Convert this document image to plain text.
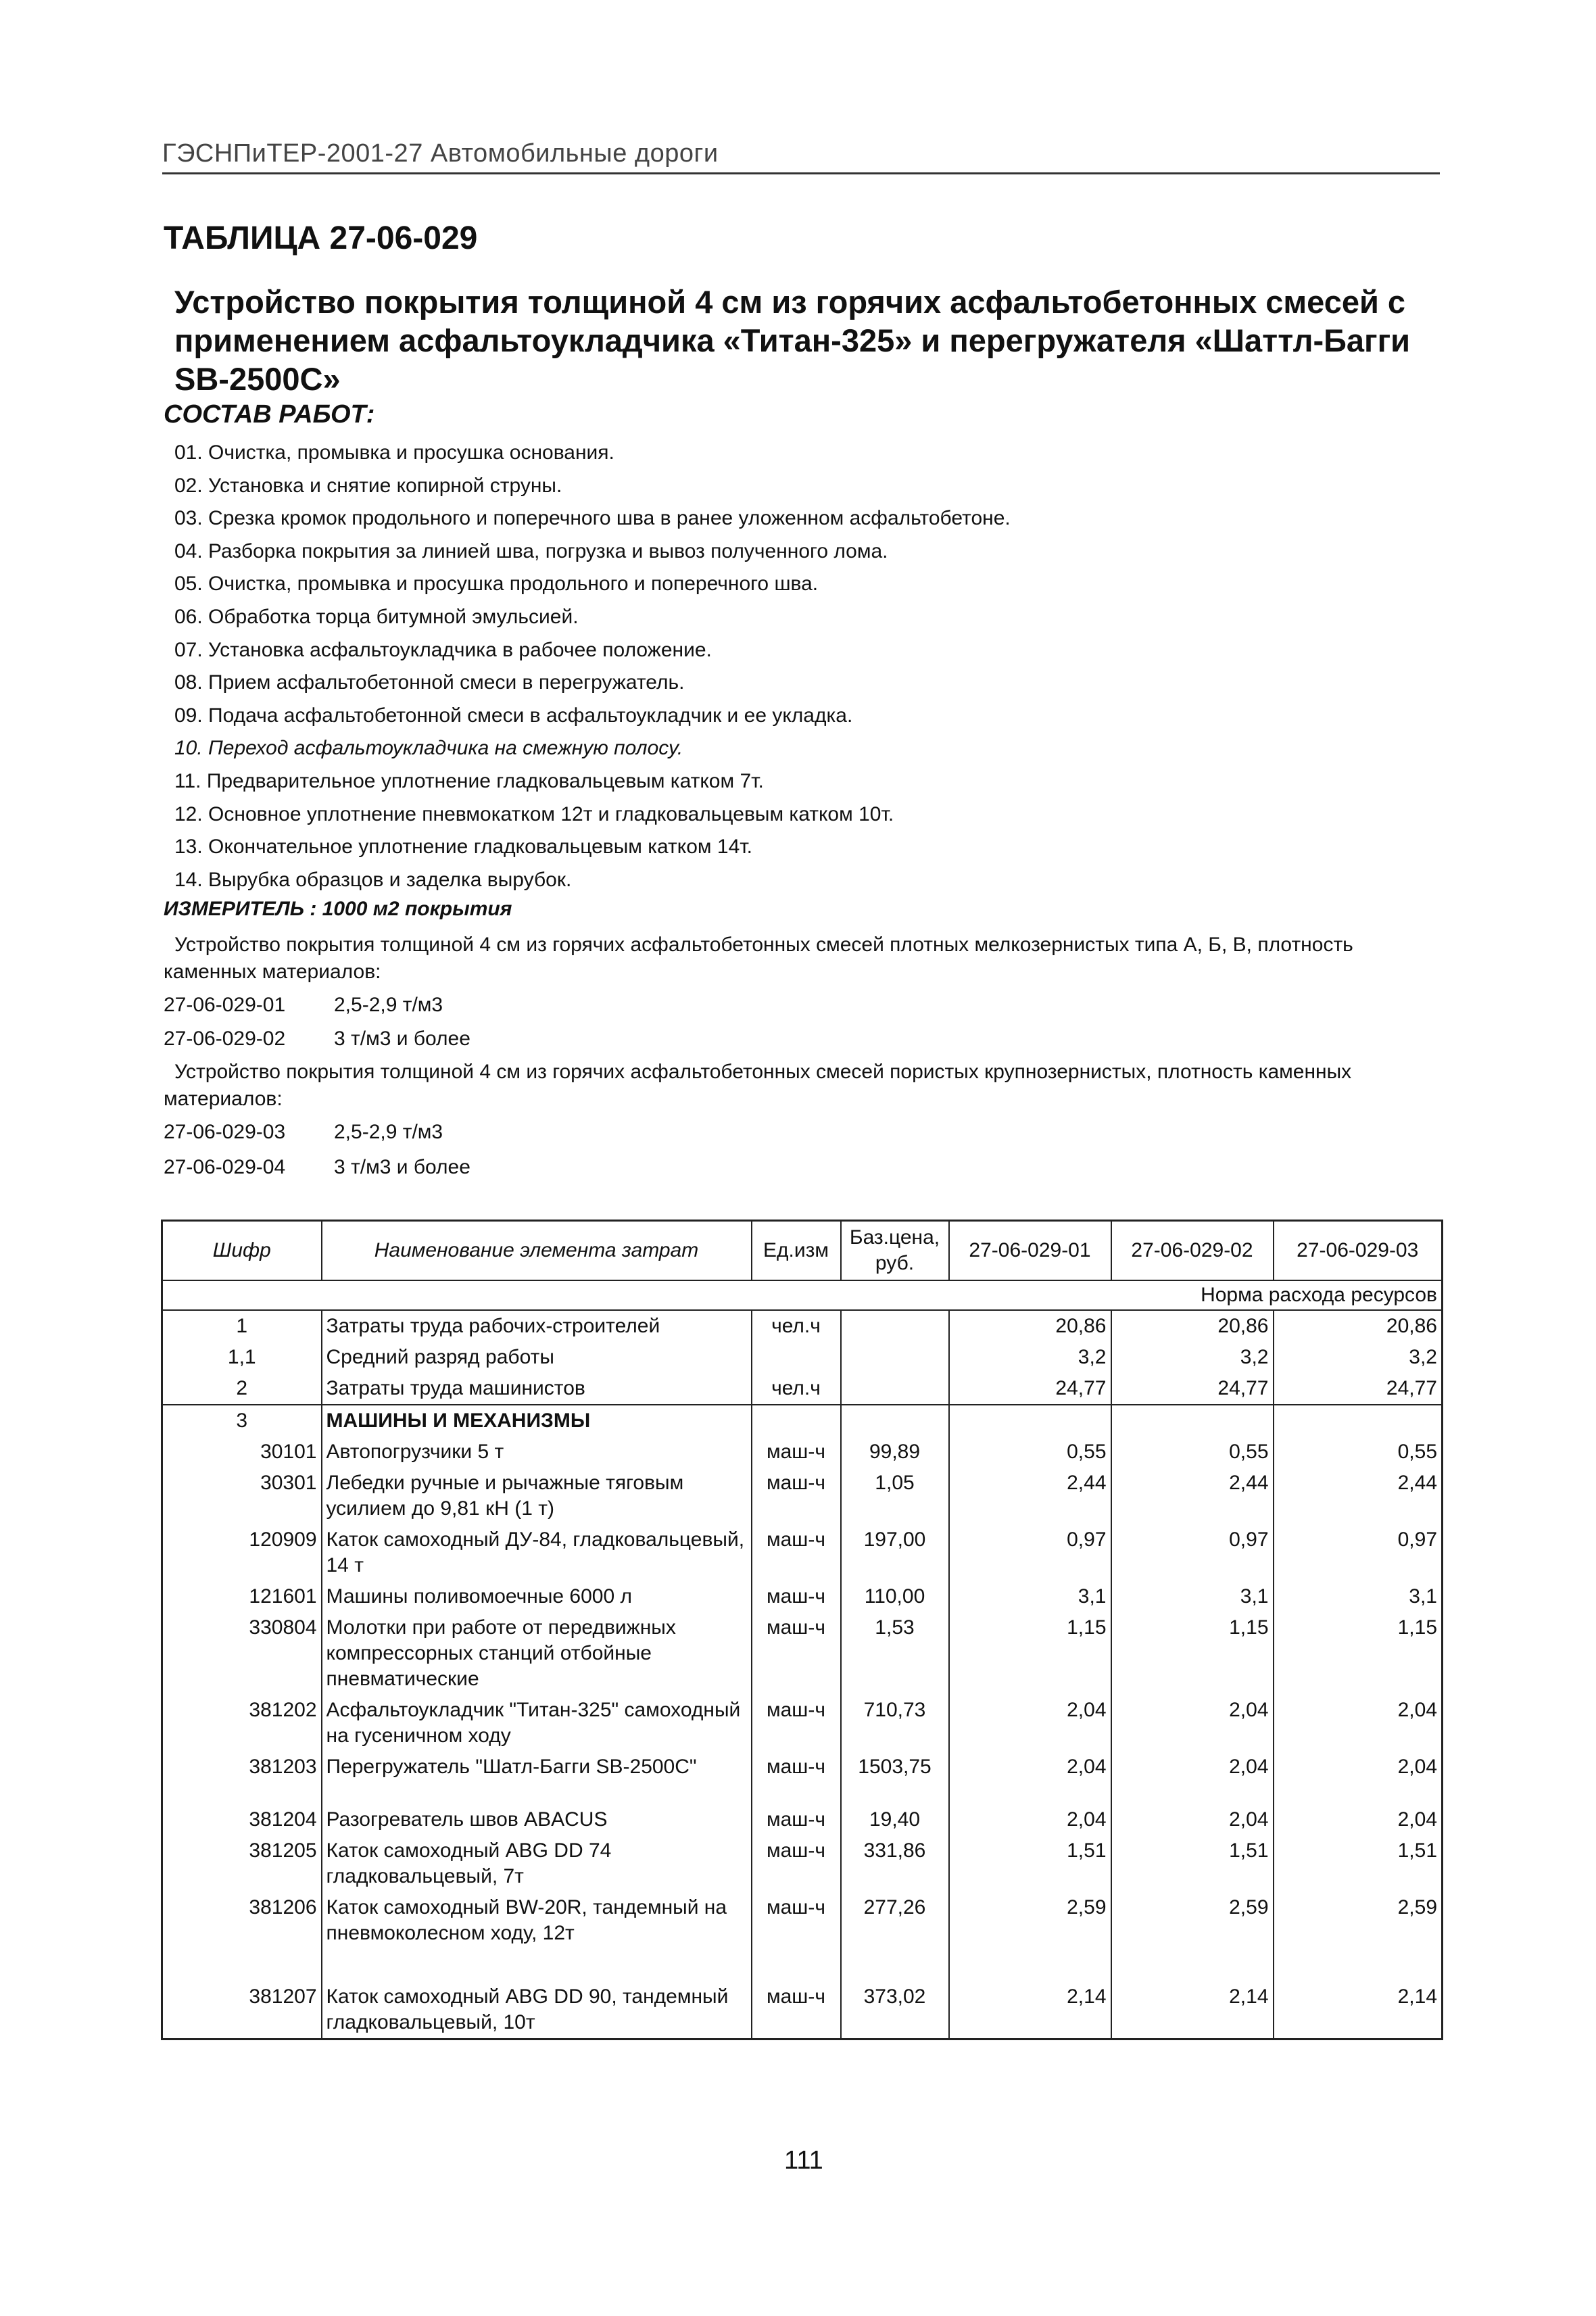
ГЭСНПиТЕР-2001-27 Автомобильные дороги
ТАБЛИЦА 27-06-029
Устройство покрытия толщиной 4 см из горячих асфальтобетонных смесей с применением асфальтоукладчика «Титан-325» и перегружателя «Шаттл-Багги SB-2500С»
СОСТАВ РАБОТ:
01. Очистка, промывка и просушка основания.
02. Установка и снятие копирной струны.
03. Срезка кромок продольного и поперечного шва в ранее уложенном асфальтобетоне.
04. Разборка покрытия за линией шва, погрузка и вывоз полученного лома.
05. Очистка, промывка и просушка продольного и поперечного шва.
06. Обработка торца битумной эмульсией.
07. Установка асфальтоукладчика в рабочее положение.
08. Прием асфальтобетонной смеси в перегружатель.
09. Подача асфальтобетонной смеси в асфальтоукладчик и ее укладка.
10. Переход асфальтоукладчика на смежную полосу.
11. Предварительное уплотнение гладковальцевым катком 7т.
12. Основное уплотнение пневмокатком 12т и гладковальцевым катком 10т.
13. Окончательное уплотнение гладковальцевым катком 14т.
14. Вырубка образцов и заделка вырубок.
ИЗМЕРИТЕЛЬ : 1000 м2 покрытия
Устройство покрытия толщиной 4 см из горячих асфальтобетонных смесей плотных мелкозернистых типа А, Б, В, плотность каменных материалов:
27-06-029-01 2,5-2,9 т/м3
27-06-029-02 3 т/м3 и более
Устройство покрытия толщиной 4 см из горячих асфальтобетонных смесей пористых крупнозернистых, плотность каменных материалов:
27-06-029-03 2,5-2,9 т/м3
27-06-029-04 3 т/м3 и более
Шифр	Наименование элемента затрат	Ед.изм	Баз.цена, руб.	27-06-029-01	27-06-029-02	27-06-029-03
Норма расхода ресурсов						
1	Затраты труда рабочих-строителей	чел.ч		20,86	20,86	20,86
1,1	Средний разряд работы			3,2	3,2	3,2
2	Затраты труда машинистов	чел.ч		24,77	24,77	24,77
3	МАШИНЫ И МЕХАНИЗМЫ					
30101	Автопогрузчики 5 т	маш-ч	99,89	0,55	0,55	0,55
30301	Лебедки ручные и рычажные тяговым усилием до 9,81 кН (1 т)	маш-ч	1,05	2,44	2,44	2,44
120909	Каток самоходный ДУ-84, гладковальцевый, 14 т	маш-ч	197,00	0,97	0,97	0,97
121601	Машины поливомоечные 6000 л	маш-ч	110,00	3,1	3,1	3,1
330804	Молотки при работе от передвижных компрессорных станций отбойные пневматические	маш-ч	1,53	1,15	1,15	1,15
381202	Асфальтоукладчик "Титан-325" самоходный на гусеничном ходу	маш-ч	710,73	2,04	2,04	2,04
381203	Перегружатель "Шатл-Багги SB-2500С"	маш-ч	1503,75	2,04	2,04	2,04
381204	Разогреватель швов ABACUS	маш-ч	19,40	2,04	2,04	2,04
381205	Каток самоходный ABG DD 74 гладковальцевый, 7т	маш-ч	331,86	1,51	1,51	1,51
381206	Каток самоходный BW-20R, тандемный на пневмоколесном ходу, 12т	маш-ч	277,26	2,59	2,59	2,59
381207	Каток самоходный ABG DD 90, тандемный гладковальцевый, 10т	маш-ч	373,02	2,14	2,14	2,14
111
